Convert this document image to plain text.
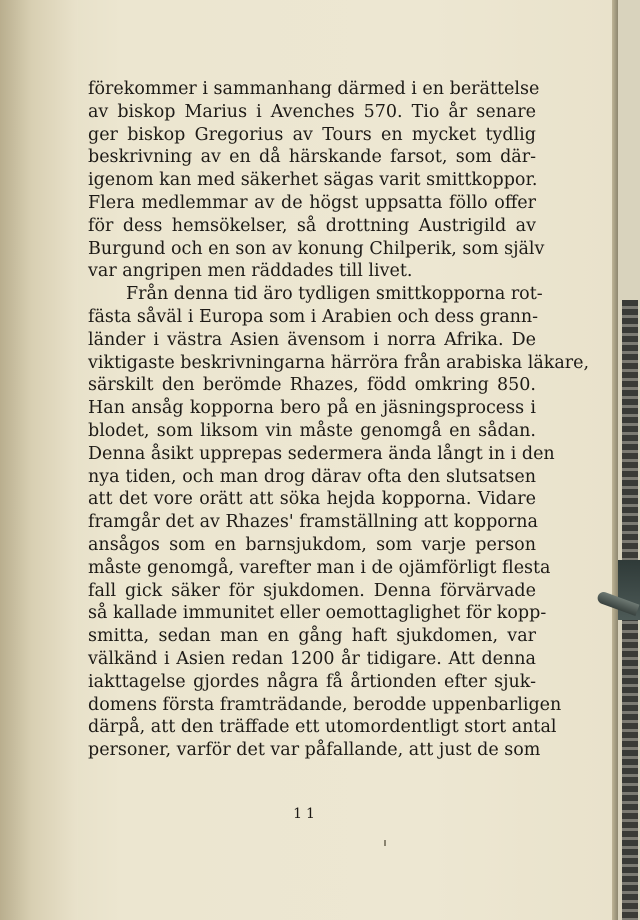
förekommer i sammanhang därmed i en berättelse
av biskop Marius i Avenches 570. Tio år senare
ger biskop Gregorius av Tours en mycket tydlig
beskrivning av en då härskande farsot, som där-
igenom kan med säkerhet sägas varit smittkoppor.
Flera medlemmar av de högst uppsatta föllo offer
för dess hemsökelser, så drottning Austrigild av
Burgund och en son av konung Chilperik, som själv
var angripen men räddades till livet.
Från denna tid äro tydligen smittkopporna rot-
fästa såväl i Europa som i Arabien och dess grann-
länder i västra Asien ävensom i norra Afrika. De
viktigaste beskrivningarna härröra från arabiska läkare,
särskilt den berömde Rhazes, född omkring 850.
Han ansåg kopporna bero på en jäsningsprocess i
blodet, som liksom vin måste genomgå en sådan.
Denna åsikt upprepas sedermera ända långt in i den
nya tiden, och man drog därav ofta den slutsatsen
att det vore orätt att söka hejda kopporna. Vidare
framgår det av Rhazes' framställning att kopporna
ansågos som en barnsjukdom, som varje person
måste genomgå, varefter man i de ojämförligt flesta
fall gick säker för sjukdomen. Denna förvärvade
så kallade immunitet eller oemottaglighet för kopp-
smitta, sedan man en gång haft sjukdomen, var
välkänd i Asien redan 1200 år tidigare. Att denna
iakttagelse gjordes några få årtionden efter sjuk-
domens första framträdande, berodde uppenbarligen
därpå, att den träffade ett utomordentligt stort antal
personer, varför det var påfallande, att just de som
11
